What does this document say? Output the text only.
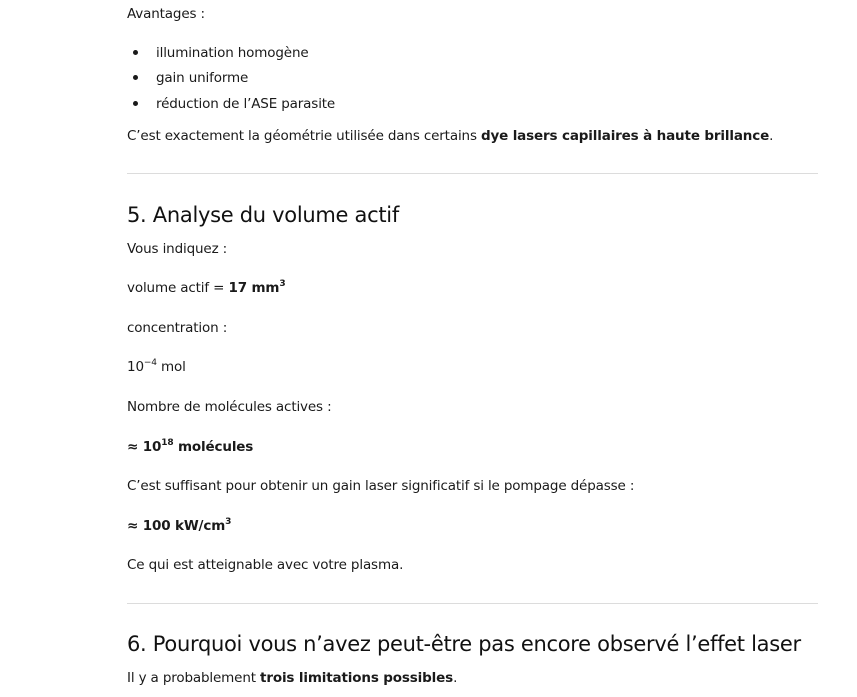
Avantages :
illumination homogène
gain uniforme
réduction de l’ASE parasite
C’est exactement la géométrie utilisée dans certains dye lasers capillaires à haute brillance.
5. Analyse du volume actif
Vous indiquez :
volume actif = 17 $mm^3$
concentration :
$10^{-4}$ mol
Nombre de molécules actives :
≈ $10^{18}$ molécules
C’est suffisant pour obtenir un gain laser significatif si le pompage dépasse :
≈ 100 $kW/cm^3$
Ce qui est atteignable avec votre plasma.
6. Pourquoi vous n’avez peut-être pas encore observé l’effet laser
Il y a probablement trois limitations possibles.
